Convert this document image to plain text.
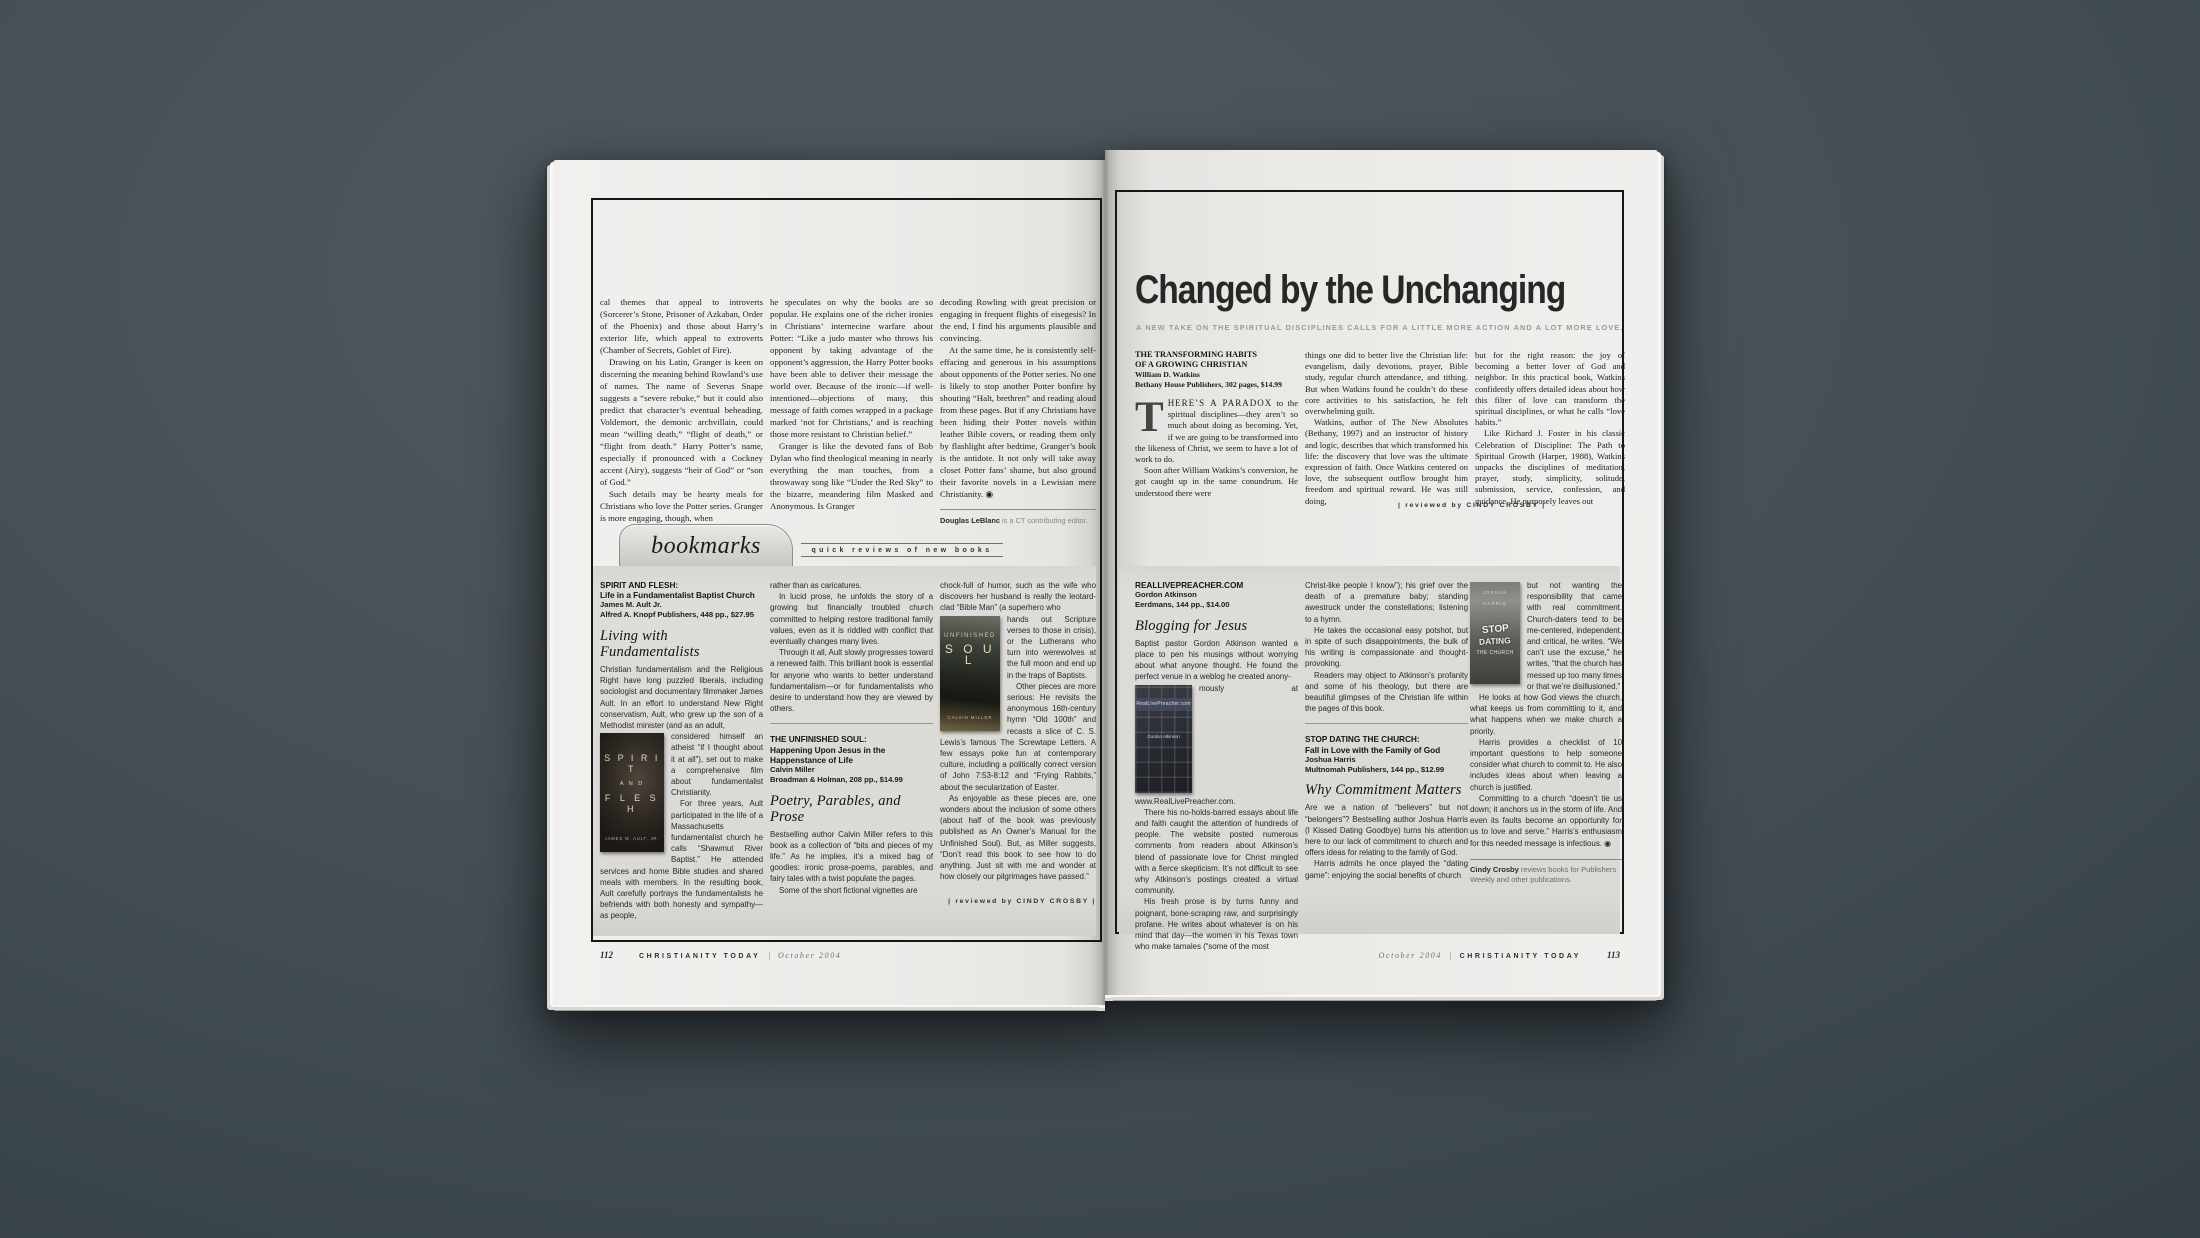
cal themes that appeal to introverts (Sorcerer’s Stone, Prisoner of Azkaban, Order of the Phoenix) and those about Harry’s exterior life, which appeal to extroverts (Chamber of Secrets, Goblet of Fire).

Drawing on his Latin, Granger is keen on discerning the meaning behind Rowland’s use of names. The name of Severus Snape suggests a “severe rebuke,” but it could also predict that character’s eventual beheading. Voldemort, the demonic archvillain, could mean “willing death,” “flight of death,” or “flight from death.” Harry Potter’s name, especially if pronounced with a Cockney accent (Airy), suggests “heir of God” or “son of God.”

Such details may be hearty meals for Christians who love the Potter series. Granger is more engaging, though, when

he speculates on why the books are so popular. He explains one of the richer ironies in Christians’ internecine warfare about Potter: “Like a judo master who throws his opponent by taking advantage of the opponent’s aggression, the Harry Potter books have been able to deliver their message the world over. Because of the ironic—if well-intentioned—objections of many, this message of faith comes wrapped in a package marked ‘not for Christians,’ and is reaching those more resistant to Christian belief.”

Granger is like the devoted fans of Bob Dylan who find theological meaning in nearly everything the man touches, from a throwaway song like “Under the Red Sky” to the bizarre, meandering film Masked and Anonymous. Is Granger

decoding Rowling with great precision or engaging in frequent flights of eisegesis? In the end, I find his arguments plausible and convincing.

At the same time, he is consistently self-effacing and generous in his assumptions about opponents of the Potter series. No one is likely to stop another Potter bonfire by shouting “Halt, brethren” and reading aloud from these pages. But if any Christians have been hiding their Potter novels within leather Bible covers, or reading them only by flashlight after bedtime, Granger’s book is the antidote. It not only will take away closet Potter fans’ shame, but also ground their favorite novels in a Lewisian mere Christianity. ◉

Douglas LeBlanc is a CT contributing editor.
bookmarks	quick reviews of new books
SPIRIT AND FLESH:
Life in a Fundamentalist Baptist Church
James M. Ault Jr.
Alfred A. Knopf Publishers, 448 pp., $27.95
Living with Fundamentalists

Christian fundamentalism and the Religious Right have long puzzled liberals, including sociologist and documentary filmmaker James Ault. In an effort to understand New Right conservatism, Ault, who grew up the son of a Methodist minister (and as an adult,

S P I R I T
A N D
F L E S H
JAMES M. AULT, JR.

considered himself an atheist “if I thought about it at all”), set out to make a comprehensive film about fundamentalist Christianity.

For three years, Ault participated in the life of a Massachusetts fundamentalist church he calls “Shawmut River Baptist.” He attended services and home Bible studies and shared meals with members. In the resulting book, Ault carefully portrays the fundamentalists he befriends with both honesty and sympathy—as people,

rather than as caricatures.

In lucid prose, he unfolds the story of a growing but financially troubled church committed to helping restore traditional family values, even as it is riddled with conflict that eventually changes many lives.

Through it all, Ault slowly progresses toward a renewed faith. This brilliant book is essential for anyone who wants to better understand fundamentalism—or for fundamentalists who desire to understand how they are viewed by others.

THE UNFINISHED SOUL:
Happening Upon Jesus in the
Happenstance of Life
Calvin Miller
Broadman & Holman, 208 pp., $14.99
Poetry, Parables, and Prose

Bestselling author Calvin Miller refers to this book as a collection of “bits and pieces of my life.” As he implies, it’s a mixed bag of goodies: ironic prose-poems, parables, and fairy tales with a twist populate the pages.

Some of the short fictional vignettes are

chock-full of humor, such as the wife who discovers her husband is really the leotard-clad “Bible Man” (a superhero who

UNFINISHED
S O U L
CALVIN MILLER

hands out Scripture verses to those in crisis), or the Lutherans who turn into werewolves at the full moon and end up in the traps of Baptists.

Other pieces are more serious: He revisits the anonymous 16th-century hymn “Old 100th” and recasts a slice of C. S. Lewis’s famous The Screwtape Letters. A few essays poke fun at contemporary culture, including a politically correct version of John 7:53-8:12 and “Frying Rabbits,” about the secularization of Easter.

As enjoyable as these pieces are, one wonders about the inclusion of some others (about half of the book was previously published as An Owner’s Manual for the Unfinished Soul). But, as Miller suggests, “Don’t read this book to see how to do anything. Just sit with me and wonder at how closely our pilgrimages have passed.”

| reviewed by CINDY CROSBY |
Changed by the Unchanging
A NEW TAKE ON THE SPIRITUAL DISCIPLINES CALLS FOR A LITTLE MORE ACTION AND A LOT MORE LOVE.
THE TRANSFORMING HABITS
OF A GROWING CHRISTIAN
William D. Watkins
Bethany House Publishers, 302 pages, $14.99

THERE’S A PARADOX to the spiritual disciplines—they aren’t so much about doing as becoming. Yet, if we are going to be transformed into the likeness of Christ, we seem to have a lot of work to do.

Soon after William Watkins’s conversion, he got caught up in the same conundrum. He understood there were

things one did to better live the Christian life: evangelism, daily devotions, prayer, Bible study, regular church attendance, and tithing. But when Watkins found he couldn’t do these core activities to his satisfaction, he felt overwhelming guilt.

Watkins, author of The New Absolutes (Bethany, 1997) and an instructor of history and logic, describes that which transformed his life: the discovery that love was the ultimate expression of faith. Once Watkins centered on love, the subsequent outflow brought him freedom and spiritual reward. He was still doing,

but for the right reason: the joy of becoming a better lover of God and neighbor. In this practical book, Watkins confidently offers detailed ideas about how this filter of love can transform the spiritual disciplines, or what he calls “love habits.”

Like Richard J. Foster in his classic Celebration of Discipline: The Path to Spiritual Growth (Harper, 1988), Watkins unpacks the disciplines of meditation, prayer, study, simplicity, solitude, submission, service, confession, and guidance. He purposely leaves out

| reviewed by CINDY CROSBY |
REALLIVEPREACHER.COM
Gordon Atkinson
Eerdmans, 144 pp., $14.00
Blogging for Jesus

Baptist pastor Gordon Atkinson wanted a place to pen his musings without worrying about what anyone thought. He found the perfect venue in a weblog he created anony-

RealLivePreacher.com
Gordon Atkinson

mously at www.RealLivePreacher.com.

There his no-holds-barred essays about life and faith caught the attention of hundreds of people. The website posted numerous comments from readers about Atkinson’s blend of passionate love for Christ mingled with a fierce skepticism. It’s not difficult to see why Atkinson’s postings created a virtual community.

His fresh prose is by turns funny and poignant, bone-scraping raw, and surprisingly profane. He writes about whatever is on his mind that day—the women in his Texas town who make tamales (“some of the most

Christ-like people I know”); his grief over the death of a premature baby; standing awestruck under the constellations; listening to a hymn.

He takes the occasional easy potshot, but in spite of such disappointments, the bulk of his writing is compassionate and thought-provoking.

Readers may object to Atkinson’s profanity and some of his theology, but there are beautiful glimpses of the Christian life within the pages of this book.

STOP DATING THE CHURCH:
Fall in Love with the Family of God
Joshua Harris
Multnomah Publishers, 144 pp., $12.99
Why Commitment Matters

Are we a nation of “believers” but not “belongers”? Bestselling author Joshua Harris (I Kissed Dating Goodbye) turns his attention here to our lack of commitment to church and offers ideas for relating to the family of God.

Harris admits he once played the “dating game”: enjoying the social benefits of church

JOSHUA HARRIS
STOP
DATING
THE CHURCH

but not wanting the responsibility that came with real commitment. Church-daters tend to be me-centered, independent, and critical, he writes. “We can’t use the excuse,” he writes, “that the church has messed up too many times or that we’re disillusioned.”

He looks at how God views the church, what keeps us from committing to it, and what happens when we make church a priority.

Harris provides a checklist of 10 important questions to help someone consider what church to commit to. He also includes ideas about when leaving a church is justified.

Committing to a church “doesn’t tie us down; it anchors us in the storm of life. And even its faults become an opportunity for us to love and serve.” Harris’s enthusiasm for this needed message is infectious. ◉

Cindy Crosby reviews books for Publishers Weekly and other publications.
112	CHRISTIANITY TODAY | October 2004	October 2004 | CHRISTIANITY TODAY	113
